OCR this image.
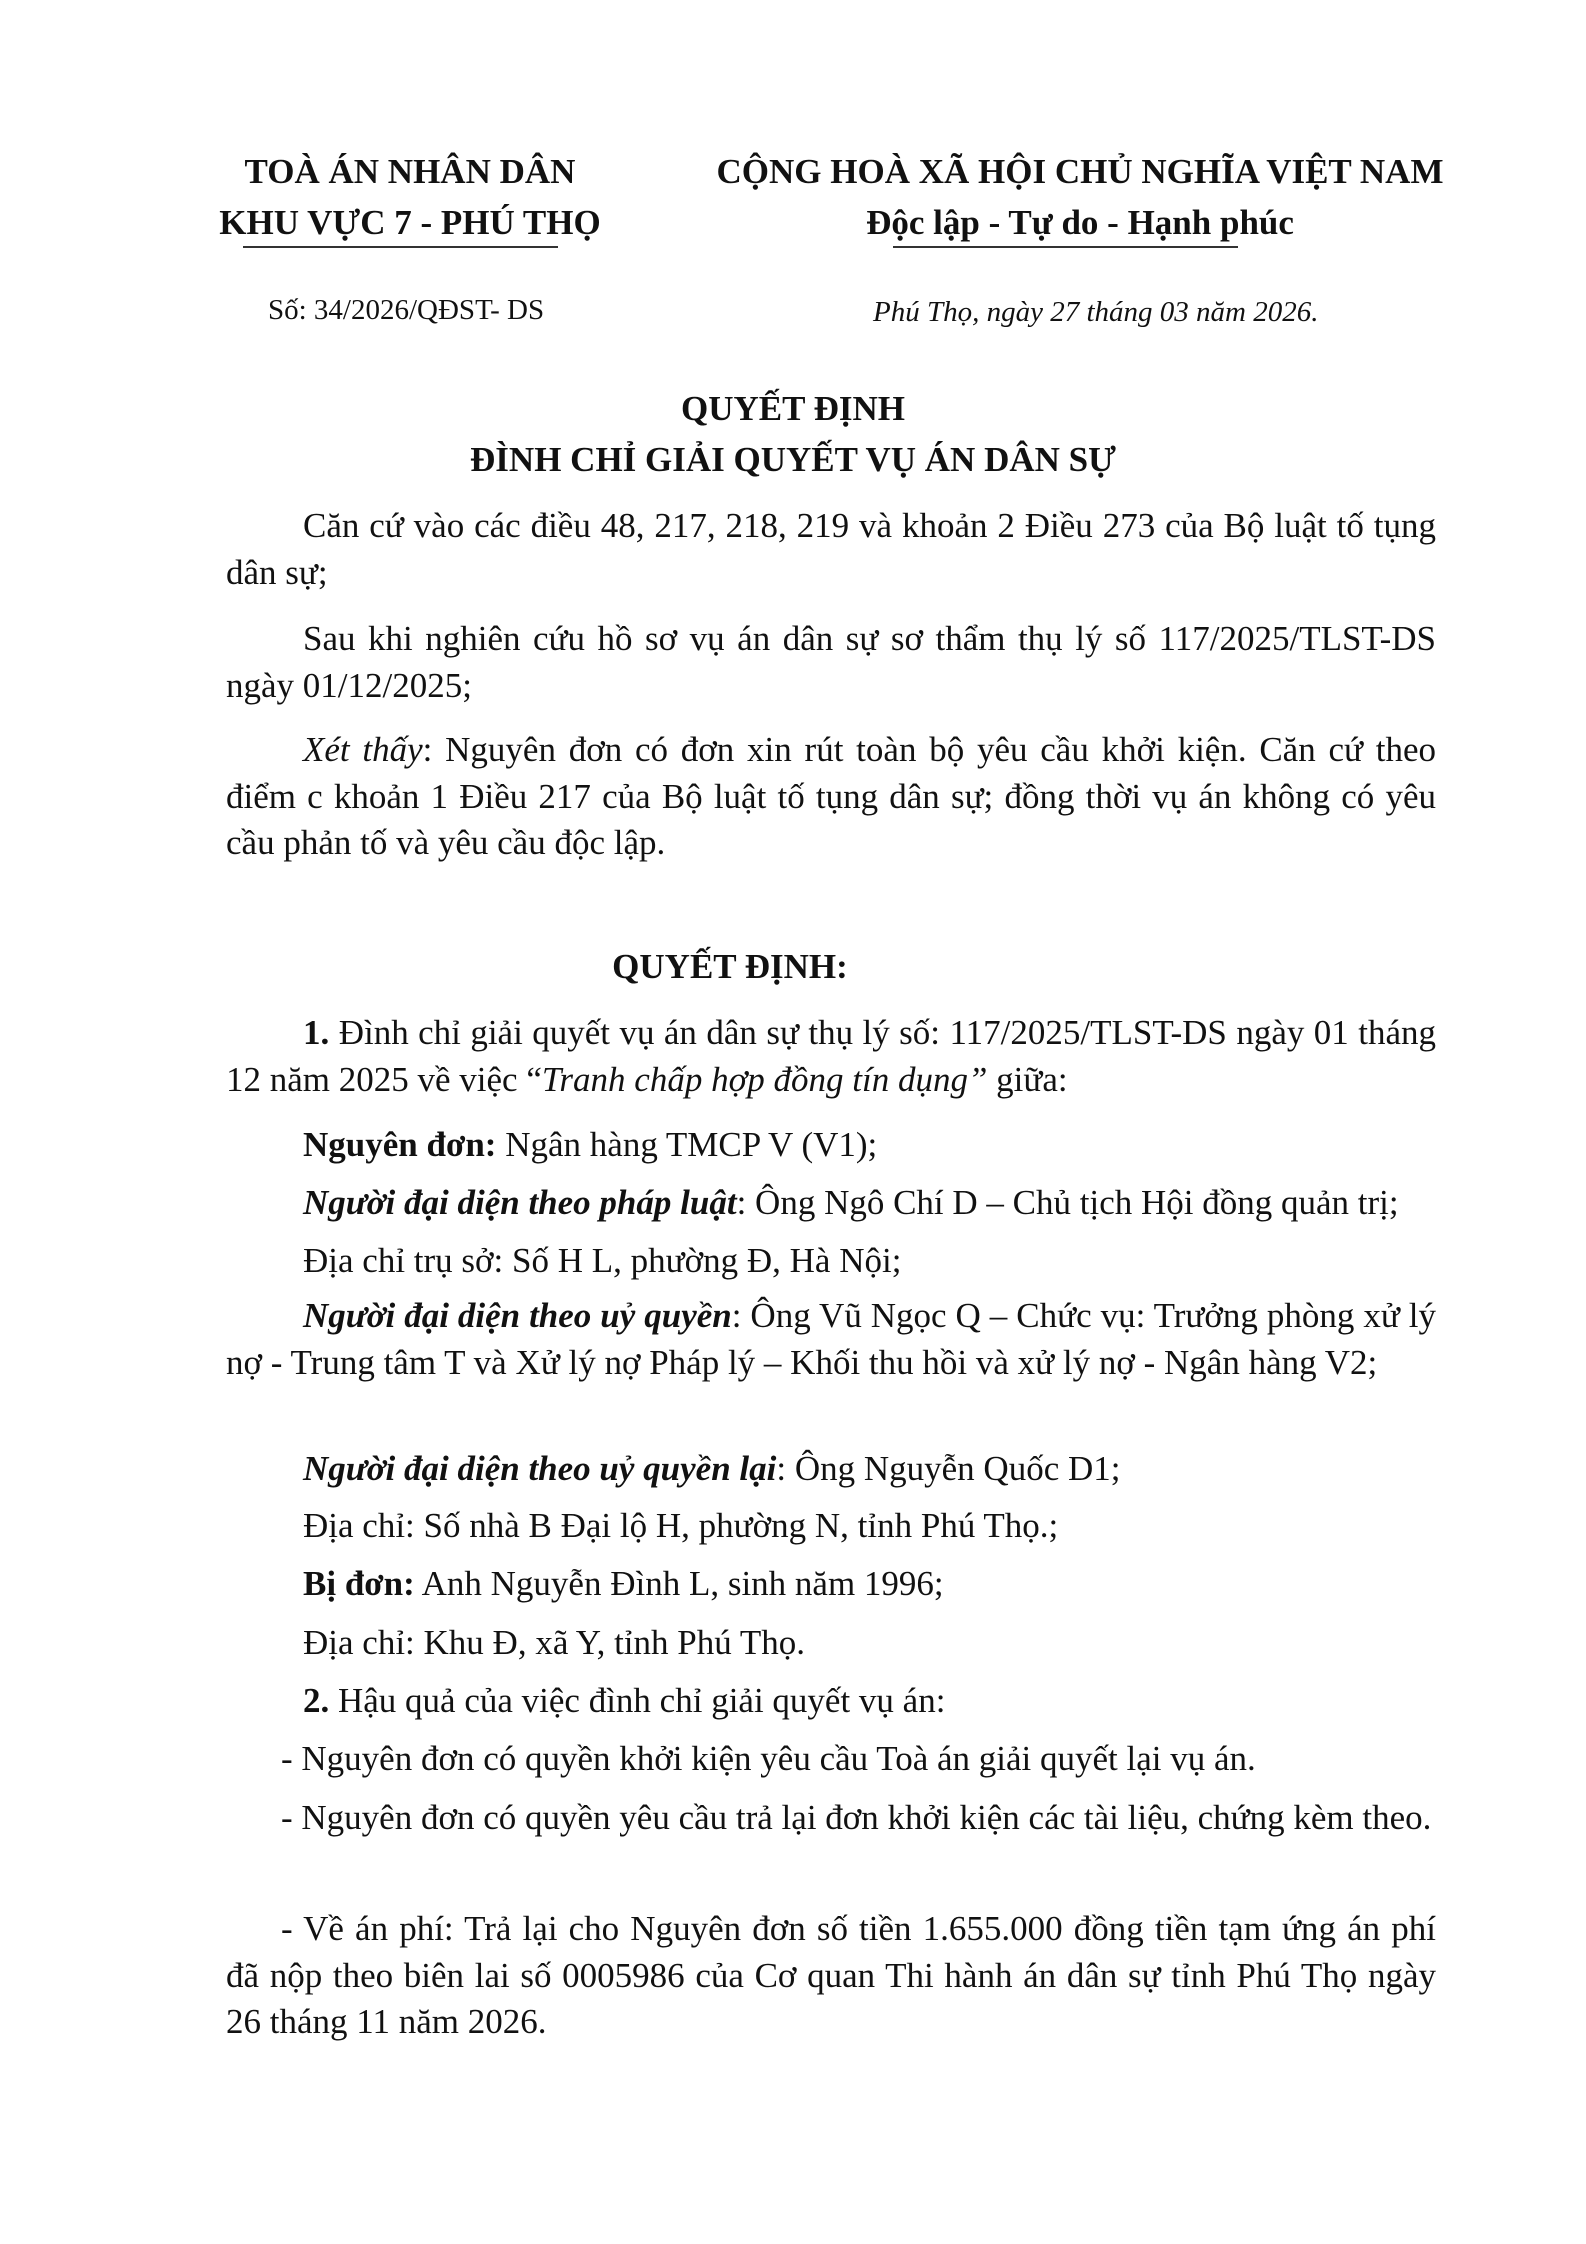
TOÀ ÁN NHÂN DÂN
KHU VỰC 7 - PHÚ THỌ
CỘNG HOÀ XÃ HỘI CHỦ NGHĨA VIỆT NAM
Độc lập - Tự do - Hạnh phúc
Số: 34/2026/QĐST- DS	Phú Thọ, ngày 27 tháng 03 năm 2026.
QUYẾT ĐỊNH
ĐÌNH CHỈ GIẢI QUYẾT VỤ ÁN DÂN SỰ

Căn cứ vào các điều 48, 217, 218, 219 và khoản 2 Điều 273 của Bộ luật tố tụng dân sự;

Sau khi nghiên cứu hồ sơ vụ án dân sự sơ thẩm thụ lý số 117/2025/TLST-DS ngày 01/12/2025;

Xét thấy: Nguyên đơn có đơn xin rút toàn bộ yêu cầu khởi kiện. Căn cứ theo điểm c khoản 1 Điều 217 của Bộ luật tố tụng dân sự; đồng thời vụ án không có yêu cầu phản tố và yêu cầu độc lập.

QUYẾT ĐỊNH:

1. Đình chỉ giải quyết vụ án dân sự thụ lý số: 117/2025/TLST-DS ngày 01 tháng 12 năm 2025 về việc “Tranh chấp hợp đồng tín dụng” giữa:

Nguyên đơn: Ngân hàng TMCP V (V1);
Người đại diện theo pháp luật: Ông Ngô Chí D – Chủ tịch Hội đồng quản trị;
Địa chỉ trụ sở: Số H L, phường Đ, Hà Nội;

Người đại diện theo uỷ quyền: Ông Vũ Ngọc Q – Chức vụ: Trưởng phòng xử lý nợ - Trung tâm T và Xử lý nợ Pháp lý – Khối thu hồi và xử lý nợ - Ngân hàng V2;

Người đại diện theo uỷ quyền lại: Ông Nguyễn Quốc D1;
Địa chỉ: Số nhà B Đại lộ H, phường N, tỉnh Phú Thọ.;
Bị đơn: Anh Nguyễn Đình L, sinh năm 1996;
Địa chỉ: Khu Đ, xã Y, tỉnh Phú Thọ.
2. Hậu quả của việc đình chỉ giải quyết vụ án:
- Nguyên đơn có quyền khởi kiện yêu cầu Toà án giải quyết lại vụ án.

- Nguyên đơn có quyền yêu cầu trả lại đơn khởi kiện các tài liệu, chứng kèm theo.

- Về án phí: Trả lại cho Nguyên đơn số tiền 1.655.000 đồng tiền tạm ứng án phí đã nộp theo biên lai số 0005986 của Cơ quan Thi hành án dân sự tỉnh Phú Thọ ngày 26 tháng 11 năm 2026.
